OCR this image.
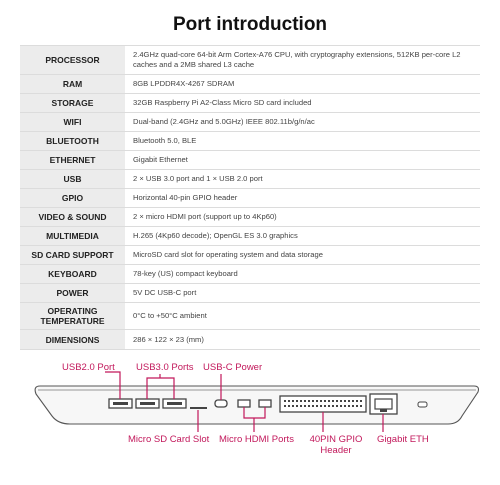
Port introduction
PROCESSOR	2.4GHz quad-core 64-bit Arm Cortex-A76 CPU, with cryptography extensions, 512KB per-core L2 caches and a 2MB shared L3 cache
RAM	8GB LPDDR4X-4267 SDRAM
STORAGE	32GB Raspberry Pi A2-Class Micro SD card included
WIFI	Dual-band (2.4GHz and 5.0GHz) IEEE 802.11b/g/n/ac
BLUETOOTH	Bluetooth 5.0, BLE
ETHERNET	Gigabit Ethernet
USB	2 × USB 3.0 port and 1 × USB 2.0 port
GPIO	Horizontal 40-pin GPIO header
VIDEO & SOUND	2 × micro HDMI port (support up to 4Kp60)
MULTIMEDIA	H.265 (4Kp60 decode); OpenGL ES 3.0 graphics
SD CARD SUPPORT	MicroSD card slot for operating system and data storage
KEYBOARD	78-key (US) compact keyboard
POWER	5V DC USB-C port
OPERATING TEMPERATURE	0°C to +50°C ambient
DIMENSIONS	286 × 122 × 23 (mm)
USB2.0 Port USB3.0 Ports USB-C Power
Micro SD Card Slot Micro HDMI Ports 40PIN GPIO Header
Gigabit ETH
